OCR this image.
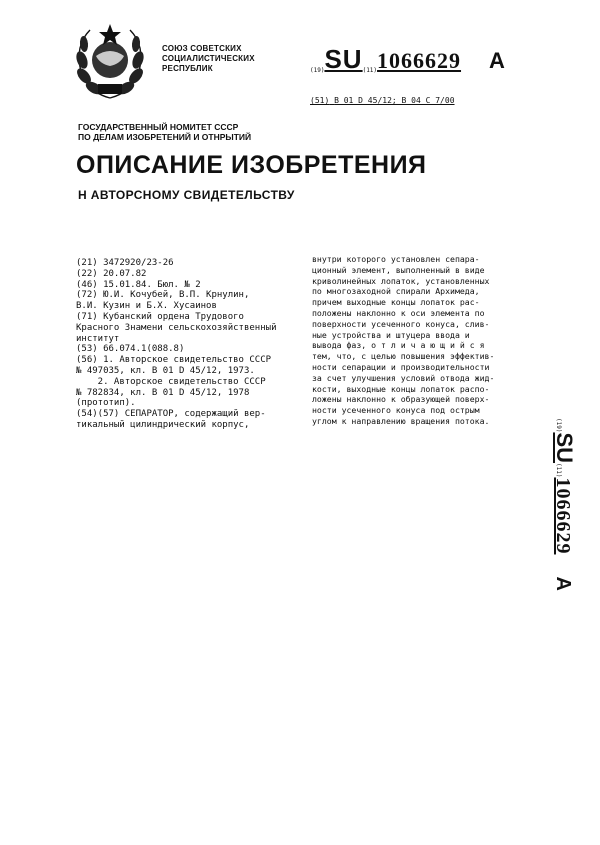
СОЮЗ СОВЕТСКИХ
СОЦИАЛИСТИЧЕСКИХ
РЕСПУБЛИК	(19)SU(11)1066629 A
(51) B 01 D 45/12; B 04 C 7/00
ГОСУДАРСТВЕННЫЙ НОМИТЕТ СССР
ПО ДЕЛАМ ИЗОБРЕТЕНИЙ И ОТНРЫТИЙ
ОПИСАНИЕ ИЗОБРЕТЕНИЯ
Н АВТОРСНОМУ СВИДЕТЕЛЬСТВУ
(21) 3472920/23-26
(22) 20.07.82
(46) 15.01.84. Бюл. № 2
(72) Ю.И. Кочубей, В.П. Крнулин,
В.И. Кузин и Б.Х. Хусаинов
(71) Кубанский ордена Трудового
Красного Знамени сельскохозяйственный
институт
(53) 66.074.1(088.8)
(56) 1. Авторское свидетельство СССР
№ 497035, кл. В 01 D 45/12, 1973.
2. Авторское свидетельство СССР
№ 782834, кл. В 01 D 45/12, 1978
(прототип).
(54)(57) СЕПАРАТОР, содержащий вер-
тикальный цилиндрический корпус,
внутри которого установлен сепара-
ционный элемент, выполненный в виде
криволинейных лопаток, установленных
по многозаходной спирали Архимеда,
причем выходные концы лопаток рас-
положены наклонно к оси элемента по
поверхности усеченного конуса, слив-
ные устройства и штуцера ввода и
вывода фаз, о т л и ч а ю щ и й с я
тем, что, с целью повышения эффектив-
ности сепарации и производительности
за счет улучшения условий отвода жид-
кости, выходные концы лопаток распо-
ложены наклонно к образующей поверх-
ности усеченного конуса под острым
углом к направлению вращения потока.	(19)SU(11)1066629A
